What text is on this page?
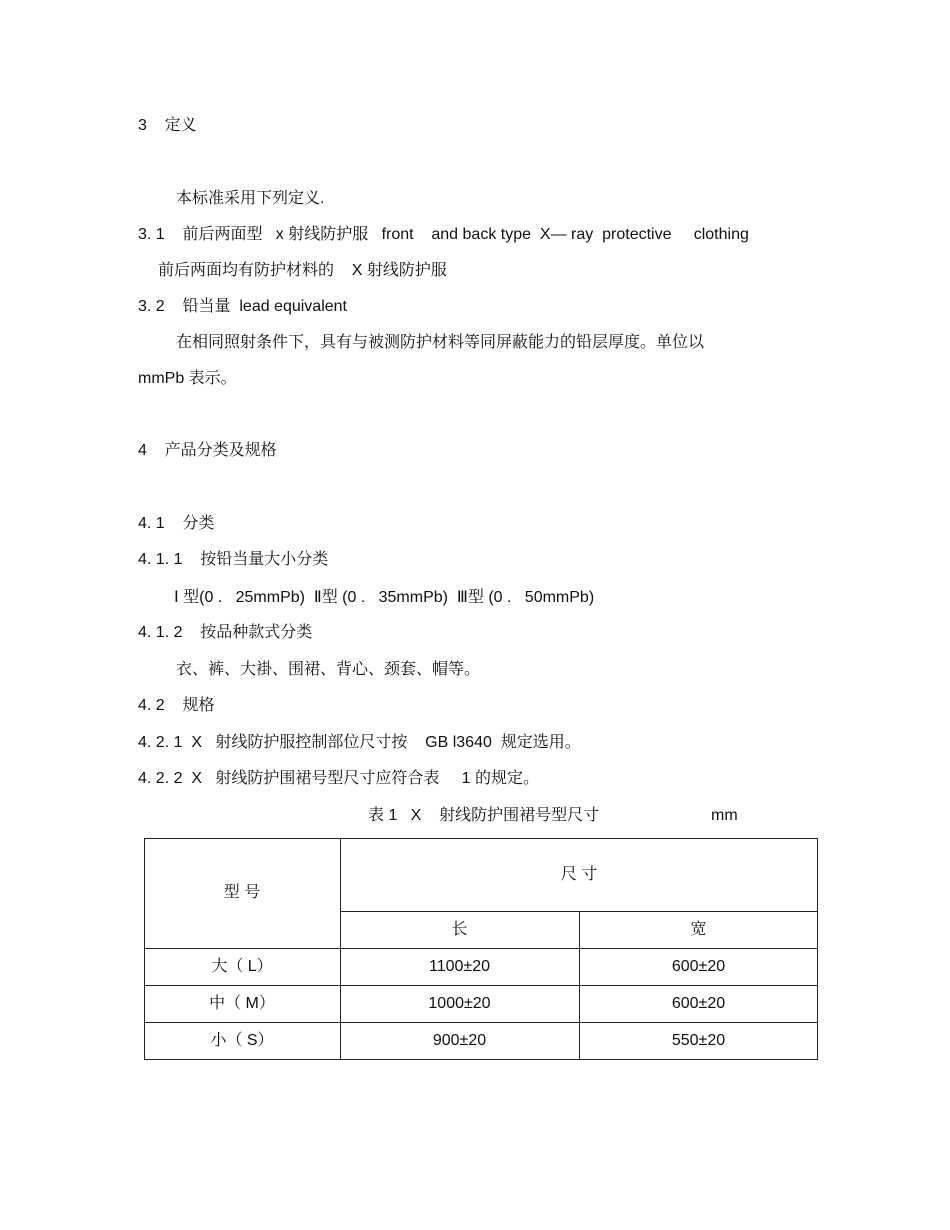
3    定义
本标准采用下列定义.
3. 1    前后两面型   x 射线防护服   front    and back type  X— ray  protective     clothing
前后两面均有防护材料的    X 射线防护服
3. 2    铅当量  lead equivalent
在相同照射条件下，具有与被测防护材料等同屏蔽能力的铅层厚度。单位以
mmPb 表示。
4    产品分类及规格
4. 1    分类
4. 1. 1    按铅当量大小分类
Ⅰ 型(0 .   25mmPb)  Ⅱ型 (0 .   35mmPb)  Ⅲ型 (0 .   50mmPb)
4. 1. 2    按品种款式分类
衣、裤、大褂、围裙、背心、颈套、帽等。
4. 2    规格
4. 2. 1  X   射线防护服控制部位尺寸按    GB l3640  规定选用。
4. 2. 2  X   射线防护围裙号型尺寸应符合表     1 的规定。
表 1   X    射线防护围裙号型尺寸	mm
型 号
尺 寸
长	宽
大（ L）	1100±20	600±20
中（ M）	1000±20	600±20
小（ S）	900±20	550±20
